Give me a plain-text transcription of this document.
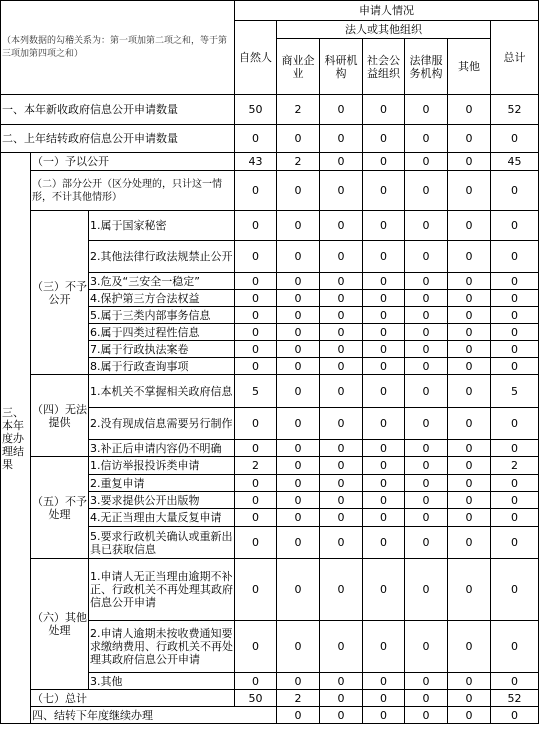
（本列数据的勾稽关系为：第一项加第二项之和，等于第三项加第四项之和）			申请人情况							
			自然人	法人或其他组织					总计	
				商业企业	科研机构	社会公益组织	法律服务机构	其他		
一、本年新收政府信息公开申请数量			50	2	0	0	0	0	52	
二、上年结转政府信息公开申请数量			0	0	0	0	0	0	0	
三、本年度办理结果	（一）予以公开		43	2	0	0	0	0	45	
	（二）部分公开（区分处理的，只计这一情形，不计其他情形）		0	0	0	0	0	0	0	
	（三）不予公开	1.属于国家秘密	0	0	0	0	0	0	0	
		2.其他法律行政法规禁止公开	0	0	0	0	0	0	0	
		3.危及“三安全一稳定”	0	0	0	0	0	0	0	
		4.保护第三方合法权益	0	0	0	0	0	0	0	
		5.属于三类内部事务信息	0	0	0	0	0	0	0	
		6.属于四类过程性信息	0	0	0	0	0	0	0	
		7.属于行政执法案卷	0	0	0	0	0	0	0	
		8.属于行政查询事项	0	0	0	0	0	0	0	
	（四）无法提供	1.本机关不掌握相关政府信息	5	0	0	0	0	0	5	
		2.没有现成信息需要另行制作	0	0	0	0	0	0	0	
		3.补正后申请内容仍不明确	0	0	0	0	0	0	0	
	（五）不予处理	1.信访举报投诉类申请	2	0	0	0	0	0	2	
		2.重复申请	0	0	0	0	0	0	0	
		3.要求提供公开出版物	0	0	0	0	0	0	0	
		4.无正当理由大量反复申请	0	0	0	0	0	0	0	
		5.要求行政机关确认或重新出具已获取信息	0	0	0	0	0	0	0	
	（六）其他处理	1.申请人无正当理由逾期不补正、行政机关不再处理其政府信息公开申请	0	0	0	0	0	0	0	
		2.申请人逾期未按收费通知要求缴纳费用、行政机关不再处理其政府信息公开申请	0	0	0	0	0	0	0	
		3.其他	0	0	0	0	0	0	0	
	（七）总计		50	2	0	0	0	0	52	
	四、结转下年度继续办理			0	0	0	0	0	0	
